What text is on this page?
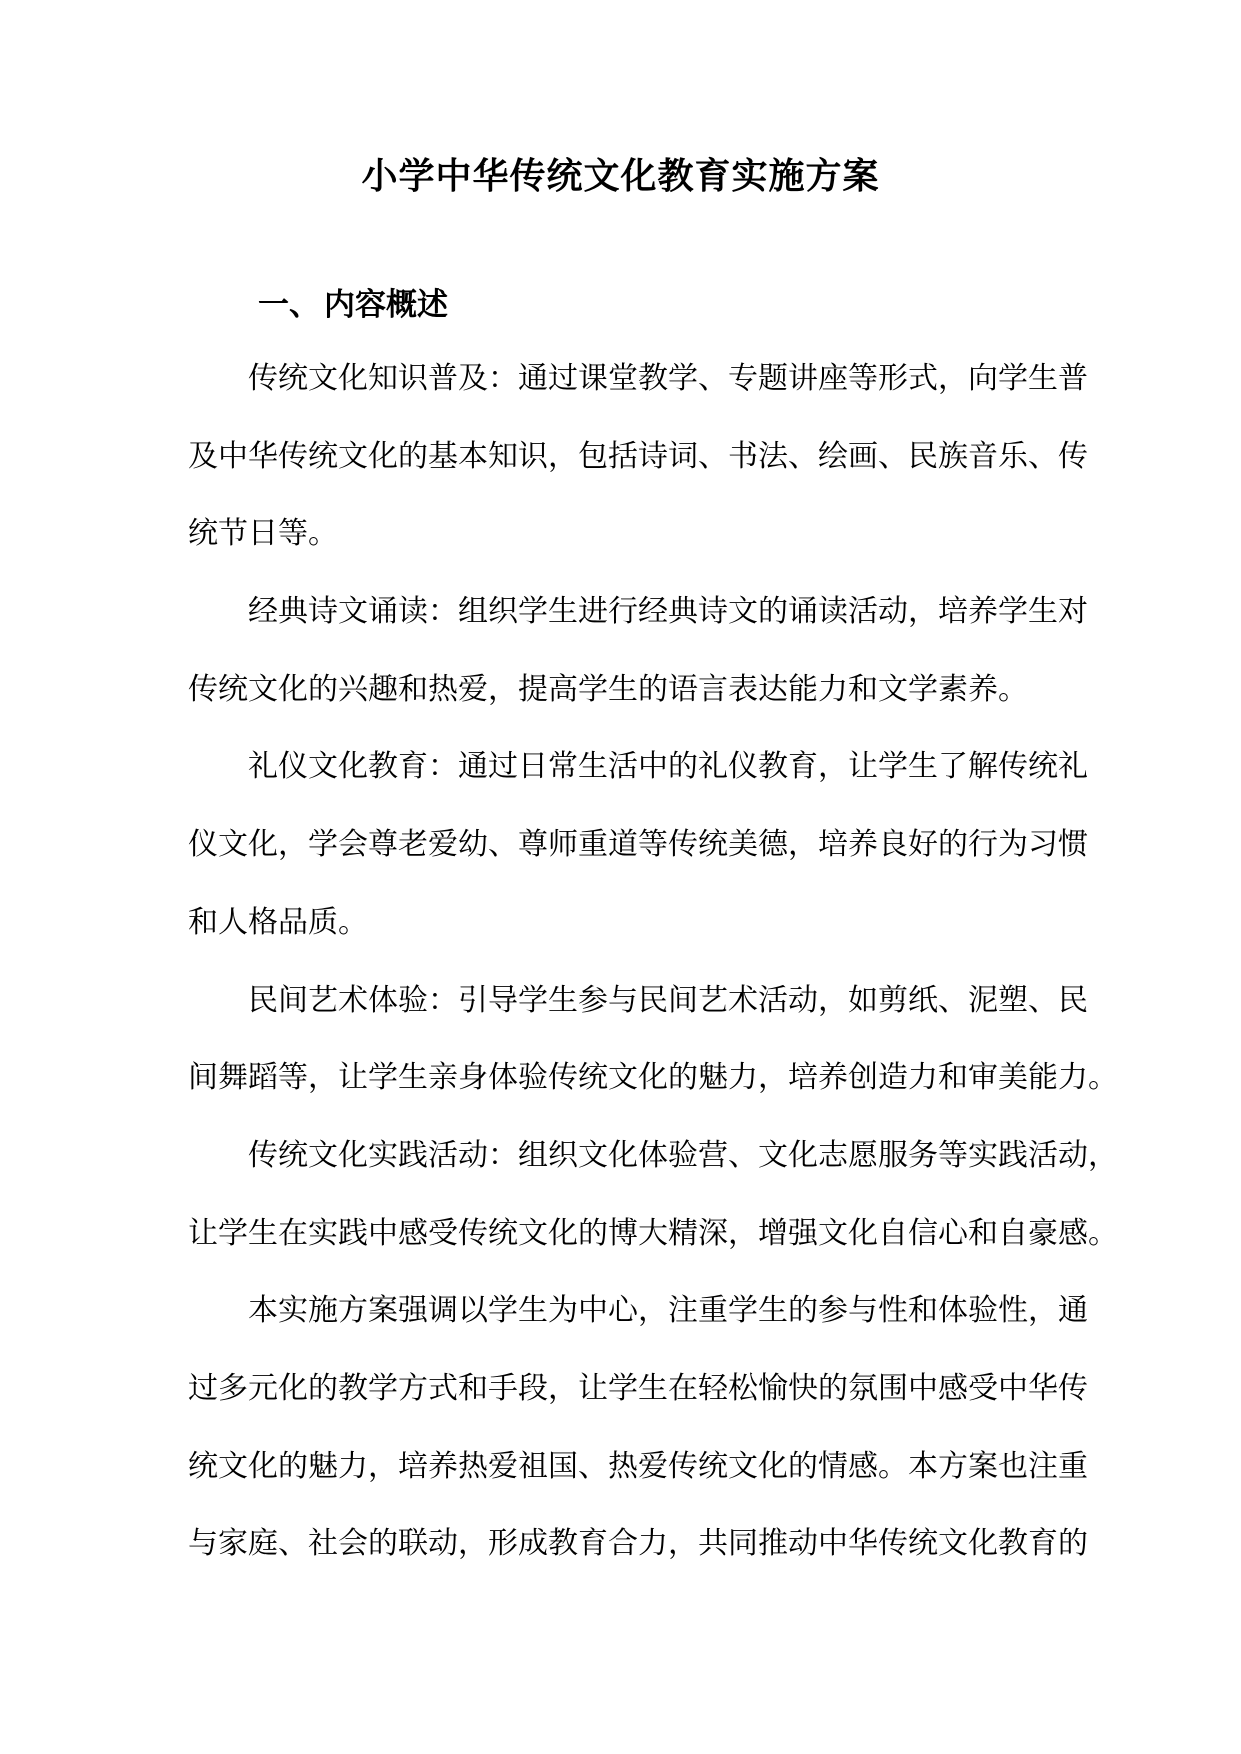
小学中华传统文化教育实施方案
一、 内容概述
传统文化知识普及：通过课堂教学、专题讲座等形式，向学生普
及中华传统文化的基本知识，包括诗词、书法、绘画、民族音乐、传
统节日等。
经典诗文诵读：组织学生进行经典诗文的诵读活动，培养学生对
传统文化的兴趣和热爱，提高学生的语言表达能力和文学素养。
礼仪文化教育：通过日常生活中的礼仪教育，让学生了解传统礼
仪文化，学会尊老爱幼、尊师重道等传统美德，培养良好的行为习惯
和人格品质。
民间艺术体验：引导学生参与民间艺术活动，如剪纸、泥塑、民
间舞蹈等，让学生亲身体验传统文化的魅力，培养创造力和审美能力。
传统文化实践活动：组织文化体验营、文化志愿服务等实践活动，
让学生在实践中感受传统文化的博大精深，增强文化自信心和自豪感。
本实施方案强调以学生为中心，注重学生的参与性和体验性，通
过多元化的教学方式和手段，让学生在轻松愉快的氛围中感受中华传
统文化的魅力，培养热爱祖国、热爱传统文化的情感。本方案也注重
与家庭、社会的联动，形成教育合力，共同推动中华传统文化教育的
